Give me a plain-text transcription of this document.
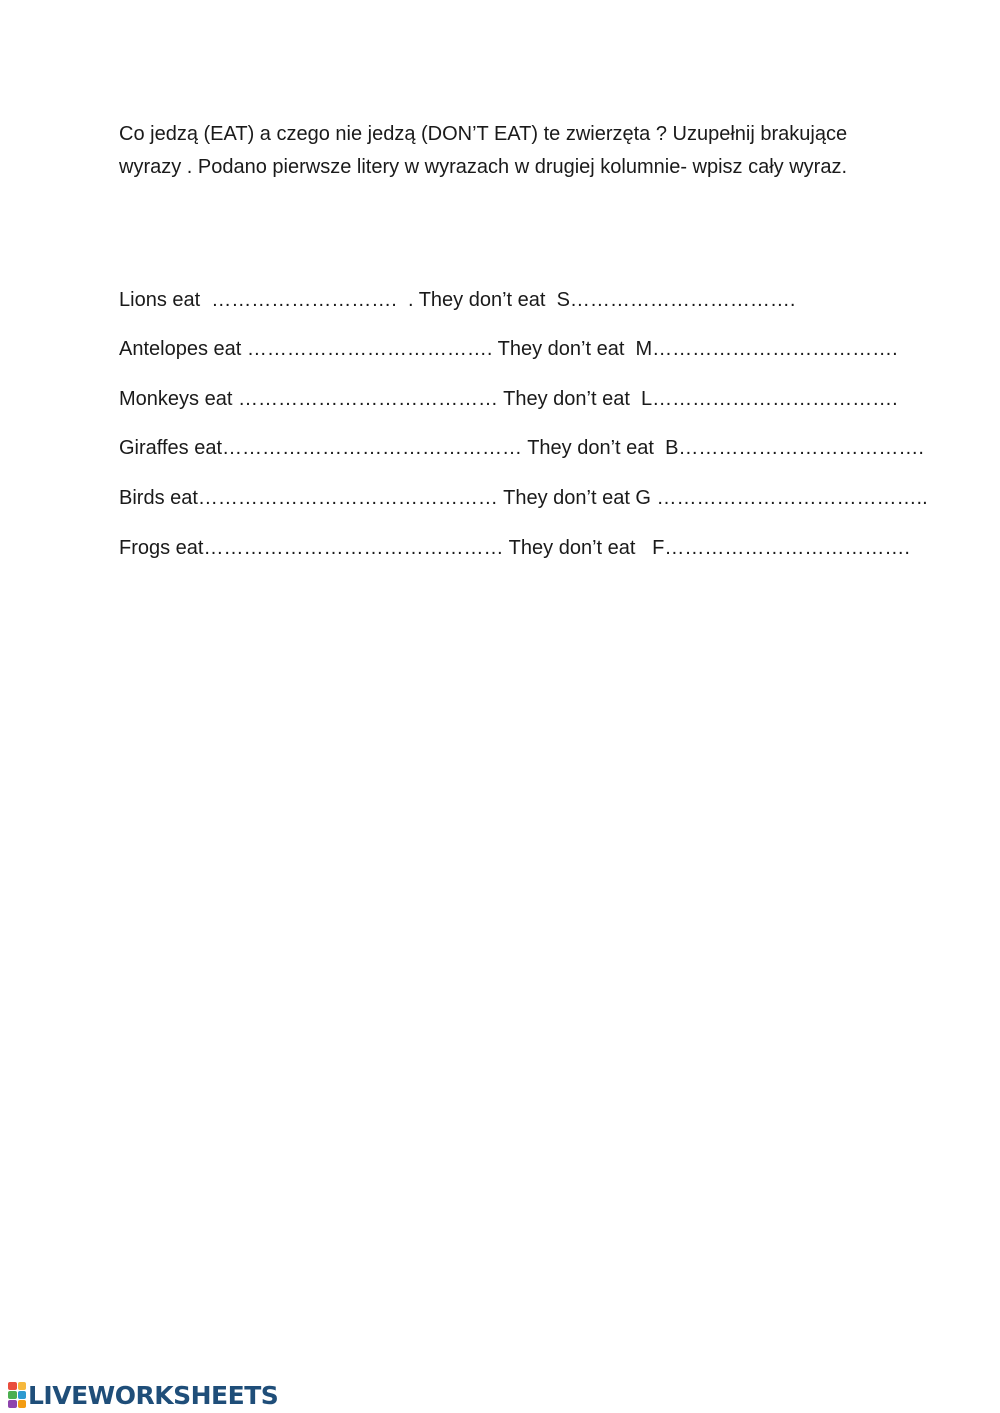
Co jedzą (EAT) a czego nie jedzą (DON’T EAT) te zwierzęta ? Uzupełnij brakujące wyrazy . Podano pierwsze litery w wyrazach w drugiej kolumnie- wpisz cały wyraz.

Lions eat  ……………………….  . They don’t eat  S…………………………….

Antelopes eat ………………………………. They don’t eat  M……………………………….

Monkeys eat ………………………………… They don’t eat  L……………………………….

Giraffes eat……………………………………… They don’t eat  B……………………………….

Birds eat……………………………………… They don’t eat G …………………………………..

Frogs eat……………………………………… They don’t eat   F……………………………….

LIVEWORKSHEETS
